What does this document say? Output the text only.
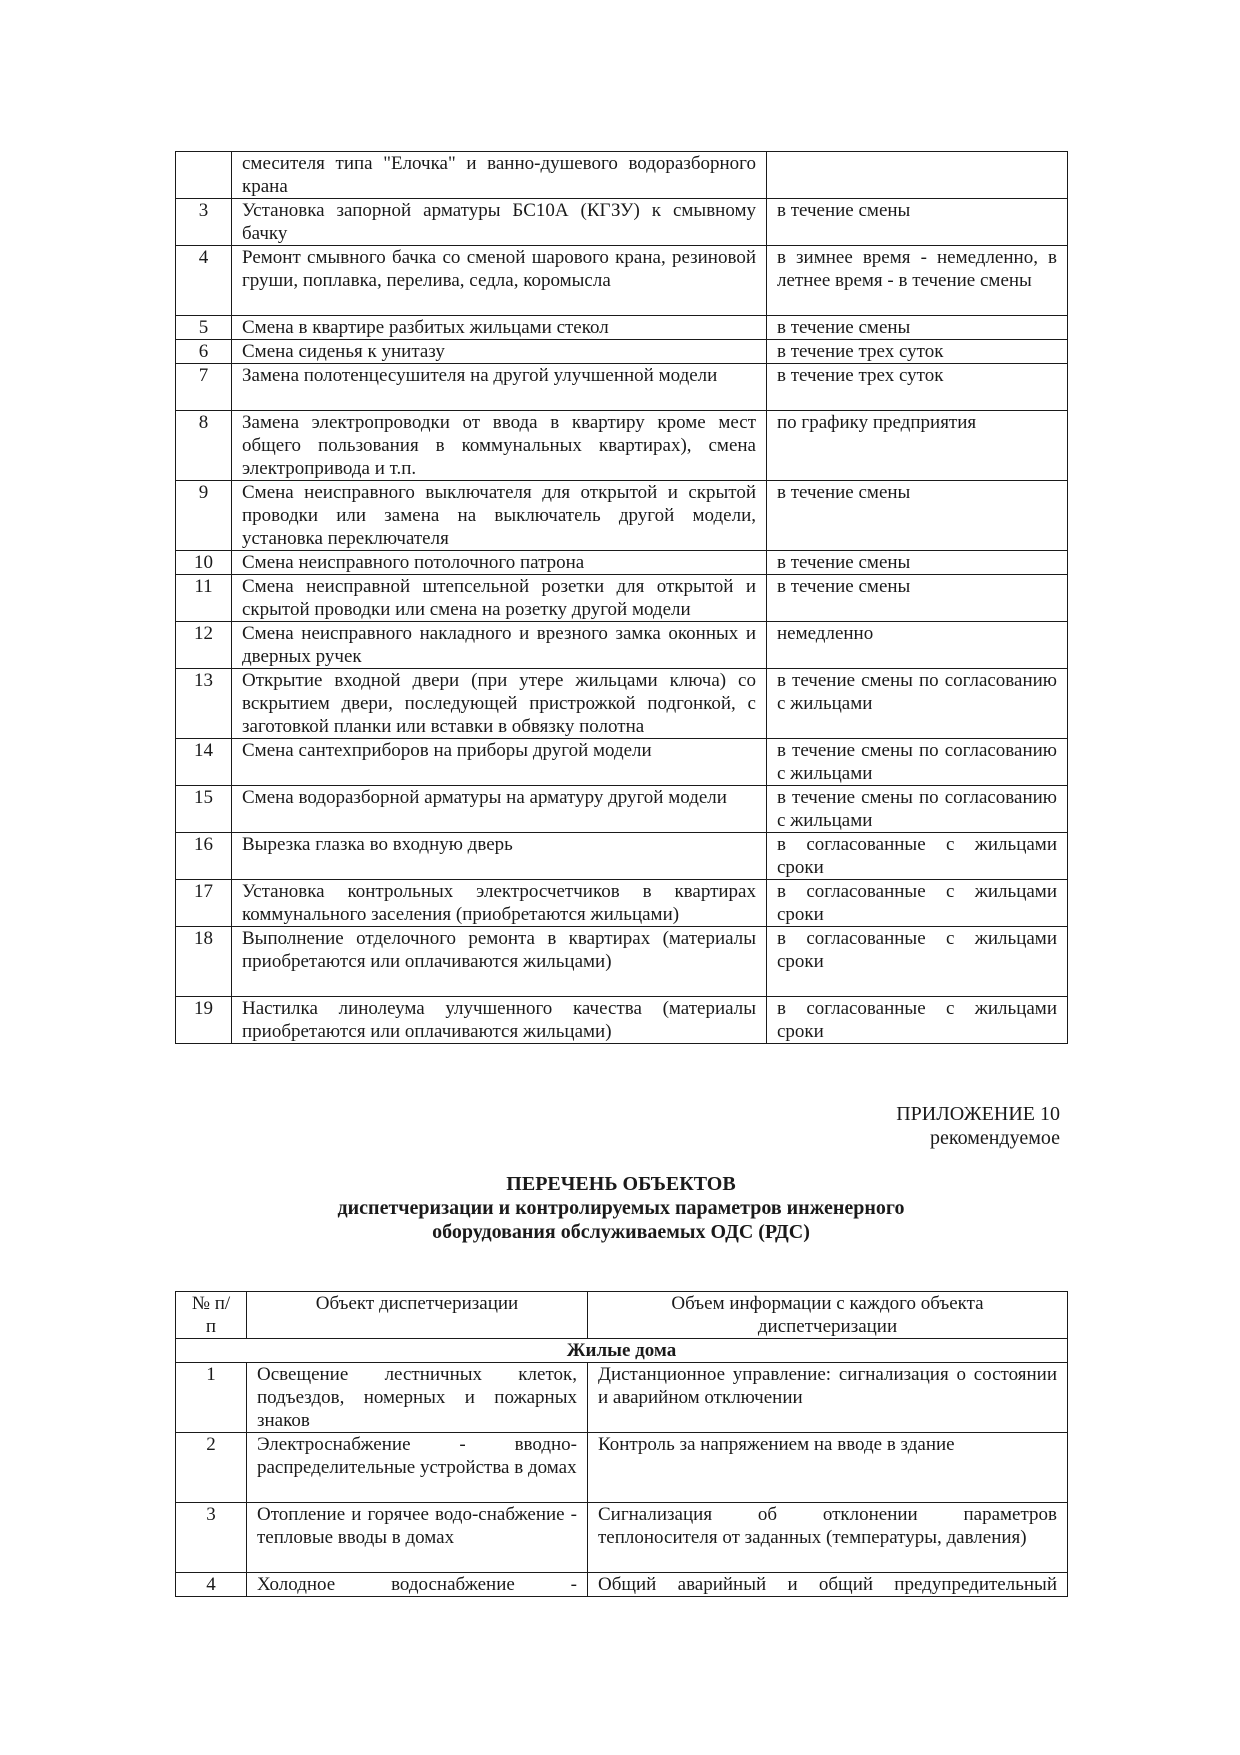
	смесителя типа "Елочка" и ванно-душевого водоразборного крана	
3	Установка запорной арматуры БС10А (КГЗУ) к смывному бачку	в течение смены
4	Ремонт смывного бачка со сменой шарового крана, резиновой груши, поплавка, перелива, седла, коромысла	в зимнее время - немедленно, в летнее время - в течение смены
5	Смена в квартире разбитых жильцами стекол	в течение смены
6	Смена сиденья к унитазу	в течение трех суток
7	Замена полотенцесушителя на другой улучшенной модели	в течение трех суток
8	Замена электропроводки от ввода в квартиру кроме мест общего пользования в коммунальных квартирах), смена электропривода и т.п.	по графику предприятия
9	Смена неисправного выключателя для открытой и скрытой проводки или замена на выключатель другой модели, установка переключателя	в течение смены
10	Смена неисправного потолочного патрона	в течение смены
11	Смена неисправной штепсельной розетки для открытой и скрытой проводки или смена на розетку другой модели	в течение смены
12	Смена неисправного накладного и врезного замка оконных и дверных ручек	немедленно
13	Открытие входной двери (при утере жильцами ключа) со вскрытием двери, последующей пристрожкой подгонкой, с заготовкой планки или вставки в обвязку полотна	в течение смены по согласованию с жильцами
14	Смена сантехприборов на приборы другой модели	в течение смены по согласованию с жильцами
15	Смена водоразборной арматуры на арматуру другой модели	в течение смены по согласованию с жильцами
16	Вырезка глазка во входную дверь	в согласованные с жильцами сроки
17	Установка контрольных электросчетчиков в квартирах коммунального заселения (приобретаются жильцами)	в согласованные с жильцами сроки
18	Выполнение отделочного ремонта в квартирах (материалы приобретаются или оплачиваются жильцами)	в согласованные с жильцами сроки
19	Настилка линолеума улучшенного качества (материалы приобретаются или оплачиваются жильцами)	в согласованные с жильцами сроки
ПРИЛОЖЕНИЕ 10
рекомендуемое
ПЕРЕЧЕНЬ ОБЪЕКТОВ
диспетчеризации и контролируемых параметров инженерного
оборудования обслуживаемых ОДС (РДС)
№ п/п	Объект диспетчеризации	Объем информации с каждого объекта диспетчеризации
Жилые дома		
1	Освещение лестничных клеток, подъездов, номерных и пожарных знаков	Дистанционное управление: сигнализация о состоянии и аварийном отключении
2	Электроснабжение - вводно-распределительные устройства в домах	Контроль за напряжением на вводе в здание
3	Отопление и горячее водо-снабжение - тепловые вводы в домах	Сигнализация об отклонении параметров теплоносителя от заданных (температуры, давления)
4	Холодное водоснабжение -	Общий аварийный и общий предупредительный
